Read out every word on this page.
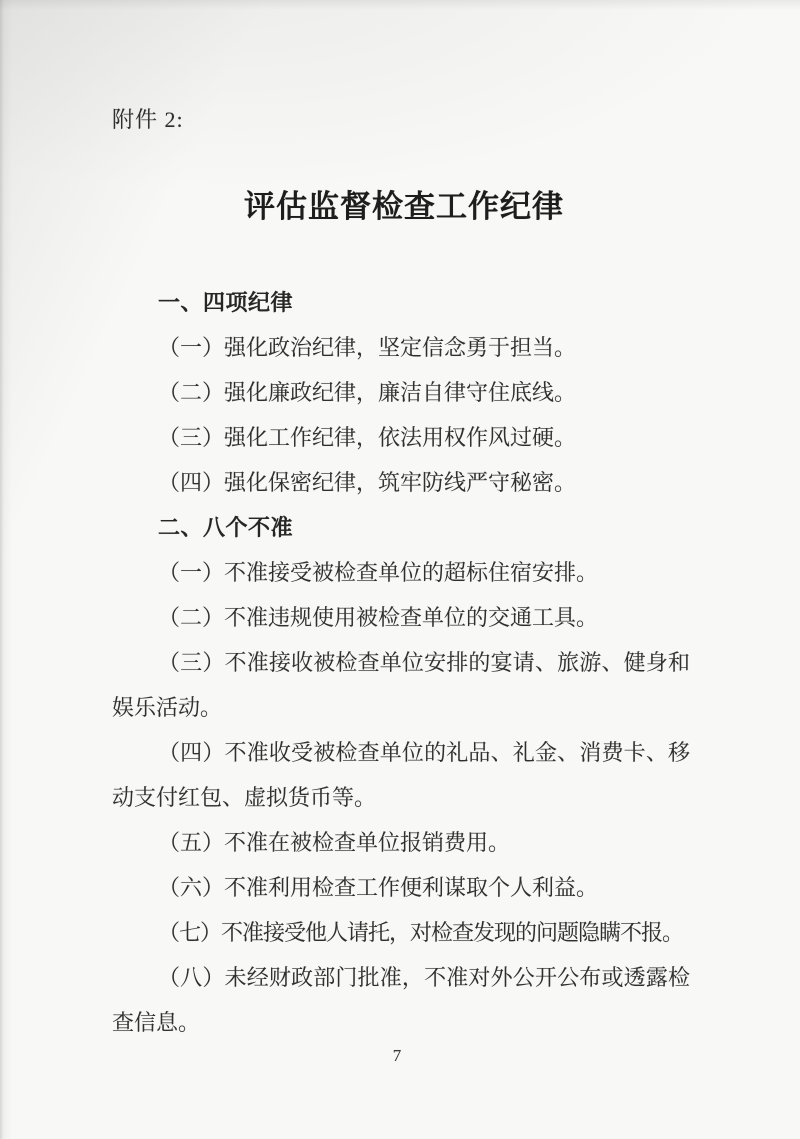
附件 2:
评估监督检查工作纪律

一、四项纪律

（一）强化政治纪律，坚定信念勇于担当。

（二）强化廉政纪律，廉洁自律守住底线。

（三）强化工作纪律，依法用权作风过硬。

（四）强化保密纪律，筑牢防线严守秘密。

二、八个不准

（一）不准接受被检查单位的超标住宿安排。

（二）不准违规使用被检查单位的交通工具。

（三）不准接收被检查单位安排的宴请、旅游、健身和娱乐活动。

（四）不准收受被检查单位的礼品、礼金、消费卡、移动支付红包、虚拟货币等。

（五）不准在被检查单位报销费用。

（六）不准利用检查工作便利谋取个人利益。

（七）不准接受他人请托，对检查发现的问题隐瞒不报。

（八）未经财政部门批准，不准对外公开公布或透露检查信息。

7
